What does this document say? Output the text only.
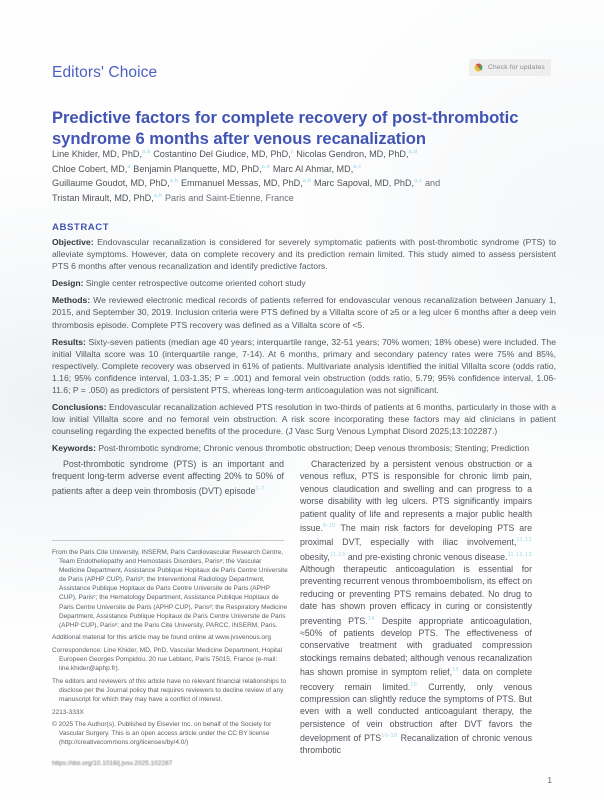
Check for updates
Editors' Choice
Predictive factors for complete recovery of post-thrombotic syndrome 6 months after venous recanalization
Line Khider, MD, PhD,$^{a,b}$ Costantino Del Giudice, MD, PhD,$^c$ Nicolas Gendron, MD, PhD,$^{a,d}$
Chloe Cobert, MD,$^a$ Benjamin Planquette, MD, PhD,$^{a,e}$ Marc Al Ahmar, MD,$^{a,c}$
Guillaume Goudot, MD, PhD,$^{a,b}$ Emmanuel Messas, MD, PhD,$^{a,b}$ Marc Sapoval, MD, PhD,$^{a,c}$ and
Tristan Mirault, MD, PhD,$^{a,b}$ Paris and Saint-Etienne, France
ABSTRACT

Objective: Endovascular recanalization is considered for severely symptomatic patients with post-thrombotic syndrome (PTS) to alleviate symptoms. However, data on complete recovery and its prediction remain limited. This study aimed to assess persistent PTS 6 months after venous recanalization and identify predictive factors.

Design: Single center retrospective outcome oriented cohort study

Methods: We reviewed electronic medical records of patients referred for endovascular venous recanalization between January 1, 2015, and September 30, 2019. Inclusion criteria were PTS defined by a Villalta score of ≥5 or a leg ulcer 6 months after a deep vein thrombosis episode. Complete PTS recovery was defined as a Villalta score of <5.

Results: Sixty-seven patients (median age 40 years; interquartile range, 32-51 years; 70% women; 18% obese) were included. The initial Villalta score was 10 (interquartile range, 7-14). At 6 months, primary and secondary patency rates were 75% and 85%, respectively. Complete recovery was observed in 61% of patients. Multivariate analysis identified the initial Villalta score (odds ratio, 1.16; 95% confidence interval, 1.03-1.35; P = .001) and femoral vein obstruction (odds ratio, 5.79; 95% confidence interval, 1.06-11.6; P = .050) as predictors of persistent PTS, whereas long-term anticoagulation was not significant.

Conclusions: Endovascular recanalization achieved PTS resolution in two-thirds of patients at 6 months, particularly in those with a low initial Villalta score and no femoral vein obstruction. A risk score incorporating these factors may aid clinicians in patient counseling regarding the expected benefits of the procedure. (J Vasc Surg Venous Lymphat Disord 2025;13:102287.)

Keywords: Post-thrombotic syndrome; Chronic venous thrombotic obstruction; Deep venous thrombosis; Stenting; Prediction

Post-thrombotic syndrome (PTS) is an important and frequent long-term adverse event affecting 20% to 50% of patients after a deep vein thrombosis (DVT) episode$^{1-7}$

From the Paris Cite University, INSERM, Paris Cardiovascular Research Centre, Team Endotheliopathy and Hemostasis Disorders, Parisᵃ; the Vascular Medicine Department, Assistance Publique Hopitaux de Paris Centre Universite de Paris (APHP CUP), Parisᵇ; the Interventional Radiology Department, Assistance Publique Hopitaux de Paris Centre Universite de Paris (APHP CUP), Parisᶜ; the Hematology Department, Assistance Publique Hopitaux de Paris Centre Universite de Paris (APHP CUP), Parisᵈ; the Respiratory Medicine Department, Assistance Publique Hopitaux de Paris Centre Universite de Paris (APHP CUP), Parisᵉ; and the Paris Cite University, PARCC, INSERM, Paris.

Additional material for this article may be found online at www.jvsvenous.org

Correspondence: Line Khider, MD, PhD, Vascular Medicine Department, Hopital Europeen Georges Pompidou, 20 rue Leblanc, Paris 75015, France (e-mail: line.khider@aphp.fr).

The editors and reviewers of this article have no relevant financial relationships to disclose per the Journal policy that requires reviewers to decline review of any manuscript for which they may have a conflict of interest.

2213-333X

© 2025 The Author(s). Published by Elsevier Inc. on behalf of the Society for Vascular Surgery. This is an open access article under the CC BY license (http://creativecommons.org/licenses/by/4.0/)

https://doi.org/10.1016/j.jvsv.2025.102287

Characterized by a persistent venous obstruction or a venous reflux, PTS is responsible for chronic limb pain, venous claudication and swelling and can progress to a worse disability with leg ulcers. PTS significantly impairs patient quality of life and represents a major public health issue.$^{8-10}$ The main risk factors for developing PTS are proximal DVT, especially with iliac involvement,$^{11,12}$ obesity,$^{11,13}$ and pre-existing chronic venous disease.$^{11,12,13}$ Although therapeutic anticoagulation is essential for preventing recurrent venous thromboembolism, its effect on reducing or preventing PTS remains debated. No drug to date has shown proven efficacy in curing or consistently preventing PTS.$^{14}$ Despite appropriate anticoagulation, ≈50% of patients develop PTS. The effectiveness of conservative treatment with graduated compression stockings remains debated; although venous recanalization has shown promise in symptom relief,$^{15}$ data on complete recovery remain limited.$^{16}$ Currently, only venous compression can slightly reduce the symptoms of PTS. But even with a well conducted anticoagulant therapy, the persistence of vein obstruction after DVT favors the development of PTS$^{16-18}$ Recanalization of chronic venous thrombotic

1
